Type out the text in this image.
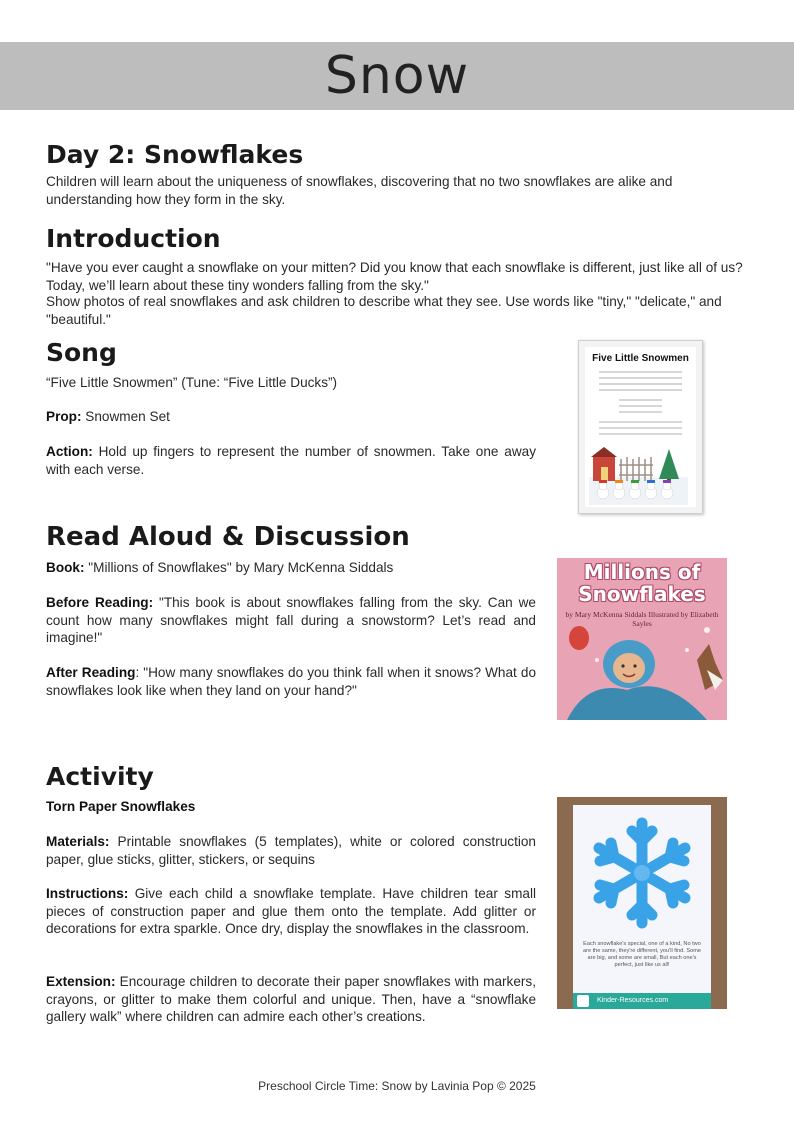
Snow
Day 2: Snowflakes

Children will learn about the uniqueness of snowflakes, discovering that no two snowflakes are alike and understanding how they form in the sky.

Introduction

"Have you ever caught a snowflake on your mitten? Did you know that each snowflake is different, just like all of us? Today, we’ll learn about these tiny wonders falling from the sky."

Show photos of real snowflakes and ask children to describe what they see. Use words like "tiny," "delicate," and "beautiful."

Song

“Five Little Snowmen” (Tune: “Five Little Ducks”)

Prop: Snowmen Set

Action: Hold up fingers to represent the number of snowmen. Take one away with each verse.

Five Little Snowmen
Read Aloud & Discussion

Book: "Millions of Snowflakes" by Mary McKenna Siddals

Before Reading: "This book is about snowflakes falling from the sky. Can we count how many snowflakes might fall during a snowstorm? Let’s read and imagine!"

After Reading: "How many snowflakes do you think fall when it snows? What do snowflakes look like when they land on your hand?"

Millions of
Snowflakes
by Mary McKenna Siddals Illustrated by Elizabeth Sayles
Activity

Torn Paper Snowflakes

Materials: Printable snowflakes (5 templates), white or colored construction paper, glue sticks, glitter, stickers, or sequins

Instructions: Give each child a snowflake template. Have children tear small pieces of construction paper and glue them onto the template. Add glitter or decorations for extra sparkle. Once dry, display the snowflakes in the classroom.

Extension: Encourage children to decorate their paper snowflakes with markers, crayons, or glitter to make them colorful and unique. Then, have a “snowflake gallery walk” where children can admire each other’s creations.

Each snowflake's special, one of a kind, No two are the same, they're different, you'll find. Some are big, and some are small, But each one's perfect, just like us all!
Kinder-Resources.com
Preschool Circle Time: Snow by Lavinia Pop © 2025
